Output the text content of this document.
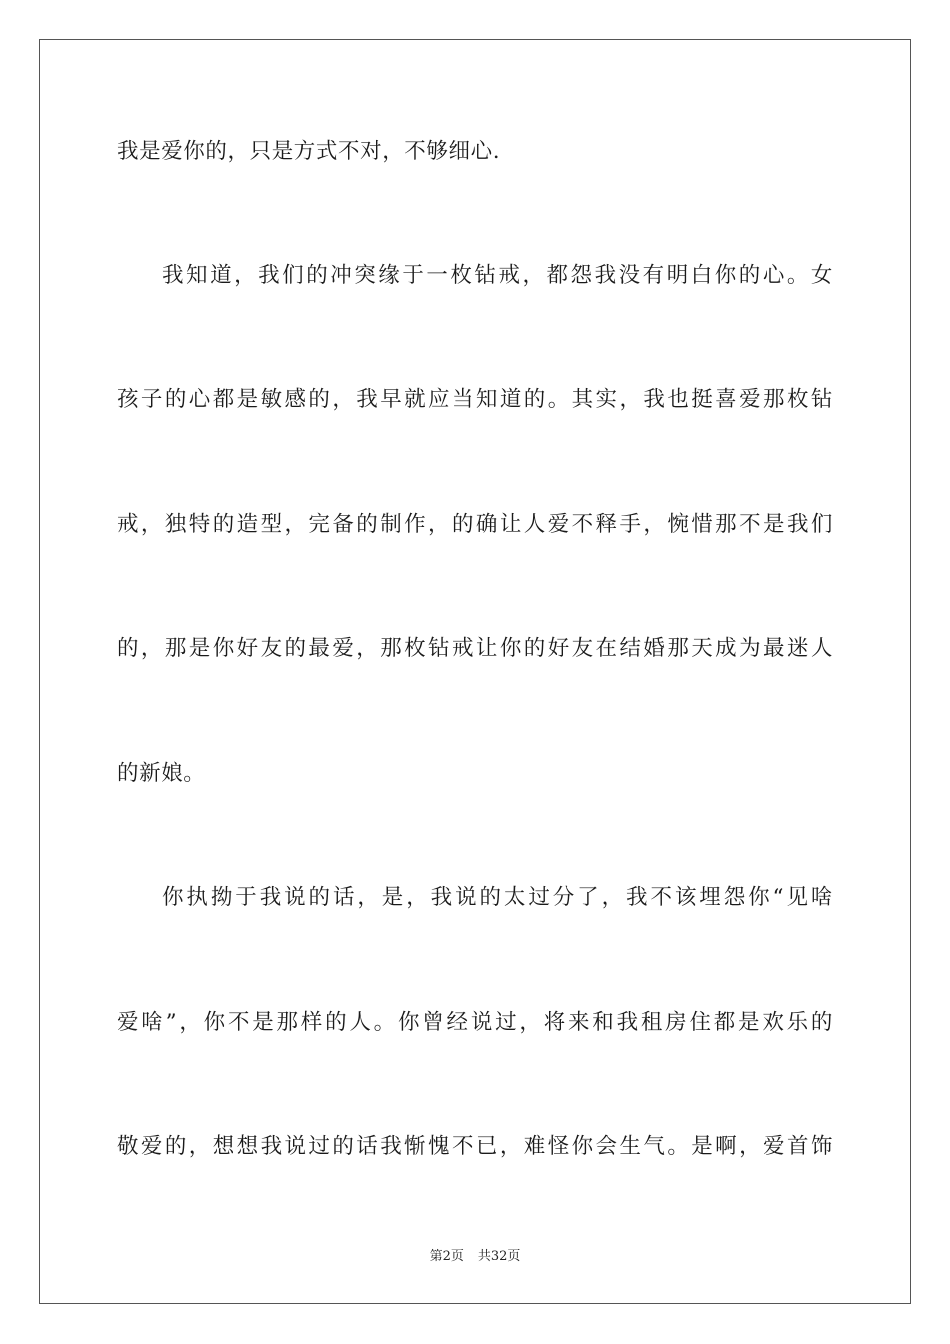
我是爱你的，只是方式不对，不够细心.
我知道，我们的冲突缘于一枚钻戒，都怨我没有明白你的心。女
孩子的心都是敏感的，我早就应当知道的。其实，我也挺喜爱那枚钻
戒，独特的造型，完备的制作，的确让人爱不释手，惋惜那不是我们
的，那是你好友的最爱，那枚钻戒让你的好友在结婚那天成为最迷人
的新娘。
你执拗于我说的话，是，我说的太过分了，我不该埋怨你“见啥
爱啥”，你不是那样的人。你曾经说过，将来和我租房住都是欢乐的
敬爱的，想想我说过的话我惭愧不已，难怪你会生气。是啊，爱首饰
第2页 共32页
